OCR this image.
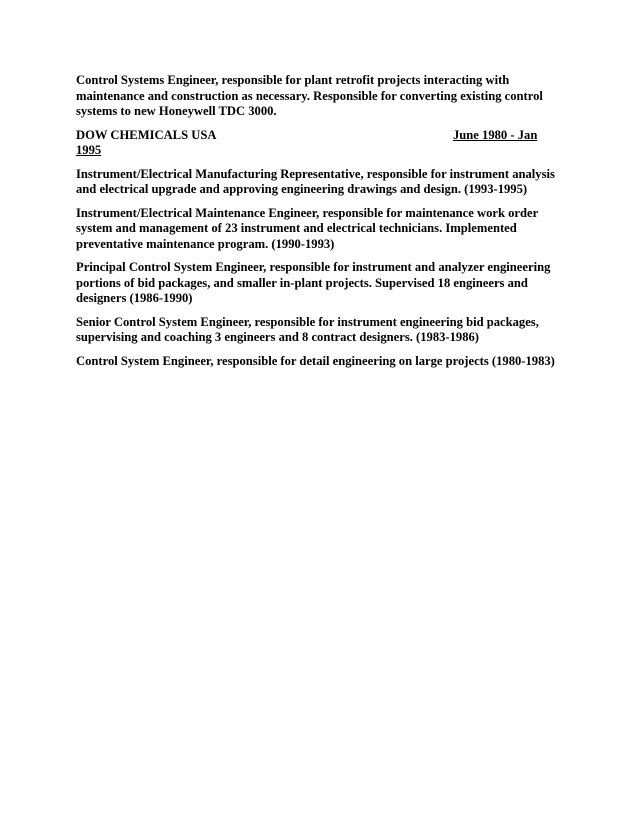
Control Systems Engineer, responsible for plant retrofit projects interacting with maintenance and construction as necessary. Responsible for converting existing control systems to new Honeywell TDC 3000.

DOW CHEMICALS USA	June 1980 - Jan
1995

Instrument/Electrical Manufacturing Representative, responsible for instrument analysis and electrical upgrade and approving engineering drawings and design. (1993-1995)

Instrument/Electrical Maintenance Engineer, responsible for maintenance work order system and management of 23 instrument and electrical technicians. Implemented preventative maintenance program. (1990-1993)

Principal Control System Engineer, responsible for instrument and analyzer engineering portions of bid packages, and smaller in-plant projects. Supervised 18 engineers and designers (1986-1990)

Senior Control System Engineer, responsible for instrument engineering bid packages, supervising and coaching 3 engineers and 8 contract designers. (1983-1986)

Control System Engineer, responsible for detail engineering on large projects (1980-1983)
